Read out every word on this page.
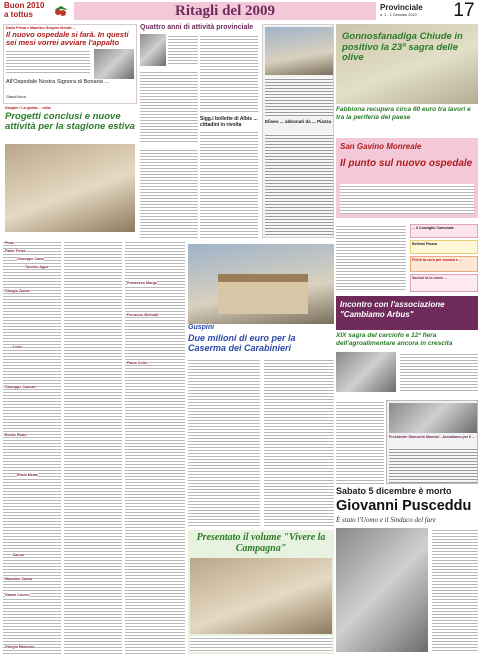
Buon 2010
a tottus	Ritagli del 2009	Provinciale
n. 1 - 1 Gennaio 2010	17
Dario Pinna e Maurizio Guspini rilevati ...
Il nuovo ospedale si farà. In questi sei mesi vorrei avviare l'appalto
All'Ospedale Nostra Signora di Bonaria ...
Gianni Mura
Guspini / La giunta ... nella
Progetti conclusi e nuove attività per la stagione estiva
Piras
Fabio Tenza
Giuseppe Carta
Tarcisio Agus
Giorgio Zucca
Luca
Giuseppe Cannas
Emilio Pilato
Efisio Melas
Sanna
Massimo Sanna
Gianni Cruccu
Giorgio Mancosu
Francesco Murgu
Ferruccio Bertoldi
Paolo Collu
Quattro anni di attività provinciale
Sigg.i bollette di Albis ... cittadini in rivolta
Eliseo ... abbonati da ... Piazza
Gonnosfanadiga Chiude in positivo la 23ª sagra delle olive
Fabbiona recupera circa 60 euro tra lavori e tra la periferia del paese
San Gavino Monreale
Il punto sul nuovo ospedale
... il Consiglio Comunale
Bellomi Piazza
FOOn fa curo per musica e ...
Sanluri fa in carne ...
Incontro con l'associazione "Cambiamo Arbus"
Guspini
Due milioni di euro per la Caserma dei Carabinieri
XIX sagra del carciofo e 12ª fiera dell'agroalimentare ancora in crescita
Presidente Giancarlo Mancini - Accadiamo per il ...
Sabato 5 dicembre è morto
Giovanni Pusceddu
È stato l'Uomo e il Sindaco del fare
Presentato il volume "Vivere la Campagna"
